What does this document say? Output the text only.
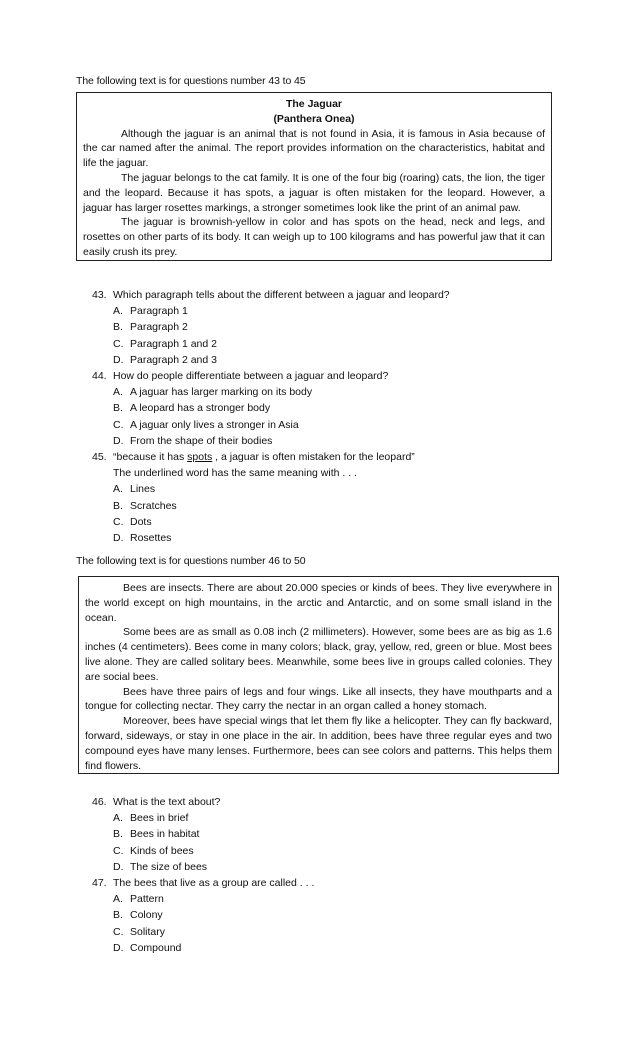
The following text is for questions number 43 to 45
The Jaguar
(Panthera Onea)

Although the jaguar is an animal that is not found in Asia, it is famous in Asia because of the car named after the animal. The report provides information on the characteristics, habitat and life the jaguar.

The jaguar belongs to the cat family. It is one of the four big (roaring) cats, the lion, the tiger and the leopard. Because it has spots, a jaguar is often mistaken for the leopard. However, a jaguar has larger rosettes markings, a stronger sometimes look like the print of an animal paw.

The jaguar is brownish-yellow in color and has spots on the head, neck and legs, and rosettes on other parts of its body. It can weigh up to 100 kilograms and has powerful jaw that it can easily crush its prey.

43. Which paragraph tells about the different between a jaguar and leopard?
A. Paragraph 1
B. Paragraph 2
C. Paragraph 1 and 2
D. Paragraph 2 and 3
44. How do people differentiate between a jaguar and leopard?
A. A jaguar has larger marking on its body
B. A leopard has a stronger body
C. A jaguar only lives a stronger in Asia
D. From the shape of their bodies
45. “because it has spots , a jaguar is often mistaken for the leopard”
The underlined word has the same meaning with . . .
A. Lines
B. Scratches
C. Dots
D. Rosettes
The following text is for questions number 46 to 50

Bees are insects. There are about 20.000 species or kinds of bees. They live everywhere in the world except on high mountains, in the arctic and Antarctic, and on some small island in the ocean.

Some bees are as small as 0.08 inch (2 millimeters). However, some bees are as big as 1.6 inches (4 centimeters). Bees come in many colors; black, gray, yellow, red, green or blue. Most bees live alone. They are called solitary bees. Meanwhile, some bees live in groups called colonies. They are social bees.

Bees have three pairs of legs and four wings. Like all insects, they have mouthparts and a tongue for collecting nectar. They carry the nectar in an organ called a honey stomach.

Moreover, bees have special wings that let them fly like a helicopter. They can fly backward, forward, sideways, or stay in one place in the air. In addition, bees have three regular eyes and two compound eyes have many lenses. Furthermore, bees can see colors and patterns. This helps them find flowers.

46. What is the text about?
A. Bees in brief
B. Bees in habitat
C. Kinds of bees
D. The size of bees
47. The bees that live as a group are called . . .
A. Pattern
B. Colony
C. Solitary
D. Compound
